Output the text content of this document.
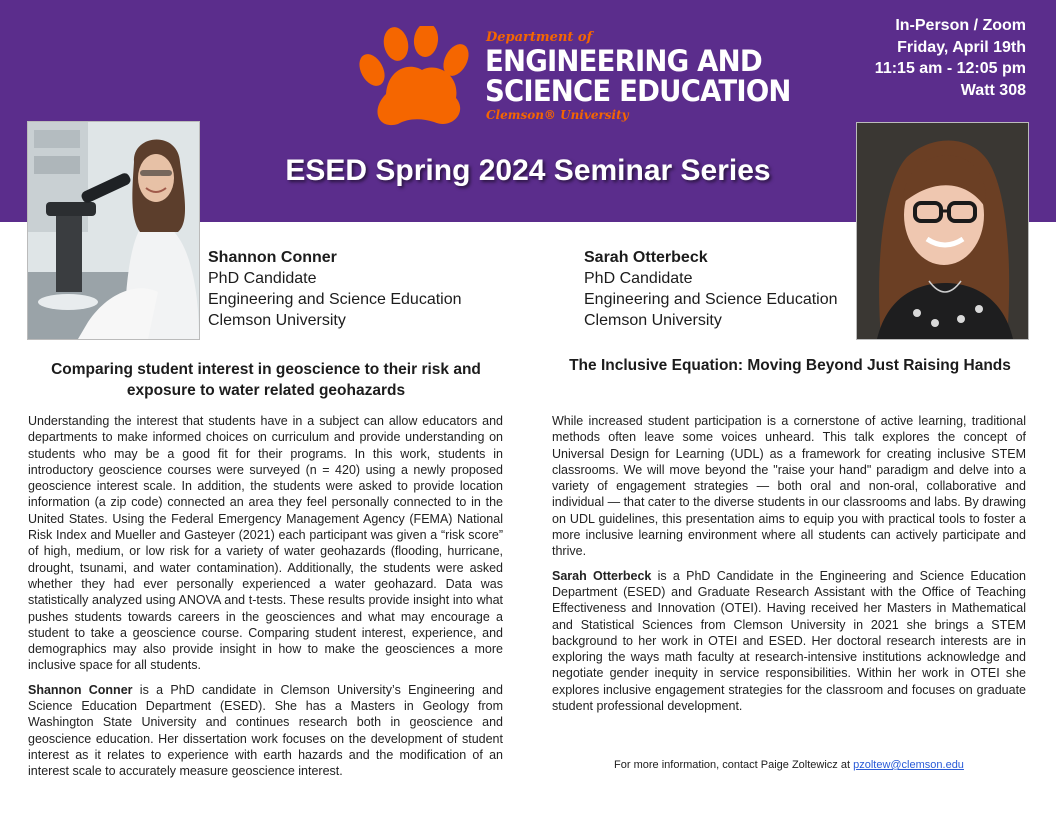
Department of
ENGINEERING AND
SCIENCE EDUCATION
Clemson® University
In-Person / Zoom
Friday, April 19th
11:15 am - 12:05 pm
Watt 308
ESED Spring 2024 Seminar Series
Shannon Conner
PhD Candidate
Engineering and Science Education
Clemson University
Sarah Otterbeck
PhD Candidate
Engineering and Science Education
Clemson University
Comparing student interest in geoscience to their risk and exposure to water related geohazards
The Inclusive Equation: Moving Beyond Just Raising Hands

Understanding the interest that students have in a subject can allow educators and departments to make informed choices on curriculum and provide understanding on students who may be a good fit for their programs. In this work, students in introductory geoscience courses were surveyed (n = 420) using a newly proposed geoscience interest scale. In addition, the students were asked to provide location information (a zip code) connected an area they feel personally connected to in the United States. Using the Federal Emergency Management Agency (FEMA) National Risk Index and Mueller and Gasteyer (2021) each participant was given a “risk score” of high, medium, or low risk for a variety of water geohazards (flooding, hurricane, drought, tsunami, and water contamination). Additionally, the students were asked whether they had ever personally experienced a water geohazard. Data was statistically analyzed using ANOVA and t-tests. These results provide insight into what pushes students towards careers in the geosciences and what may encourage a student to take a geoscience course. Comparing student interest, experience, and demographics may also provide insight in how to make the geosciences a more inclusive space for all students.

Shannon Conner is a PhD candidate in Clemson University’s Engineering and Science Education Department (ESED). She has a Masters in Geology from Washington State University and continues research both in geoscience and geoscience education. Her dissertation work focuses on the development of student interest as it relates to experience with earth hazards and the modification of an interest scale to accurately measure geoscience interest.

While increased student participation is a cornerstone of active learning, traditional methods often leave some voices unheard. This talk explores the concept of Universal Design for Learning (UDL) as a framework for creating inclusive STEM classrooms. We will move beyond the "raise your hand" paradigm and delve into a variety of engagement strategies — both oral and non-oral, collaborative and individual — that cater to the diverse students in our classrooms and labs. By drawing on UDL guidelines, this presentation aims to equip you with practical tools to foster a more inclusive learning environment where all students can actively participate and thrive.

Sarah Otterbeck is a PhD Candidate in the Engineering and Science Education Department (ESED) and Graduate Research Assistant with the Office of Teaching Effectiveness and Innovation (OTEI). Having received her Masters in Mathematical and Statistical Sciences from Clemson University in 2021 she brings a STEM background to her work in OTEI and ESED. Her doctoral research interests are in exploring the ways math faculty at research-intensive institutions acknowledge and negotiate gender inequity in service responsibilities. Within her work in OTEI she explores inclusive engagement strategies for the classroom and focuses on graduate student professional development.

For more information, contact Paige Zoltewicz at pzoltew@clemson.edu
